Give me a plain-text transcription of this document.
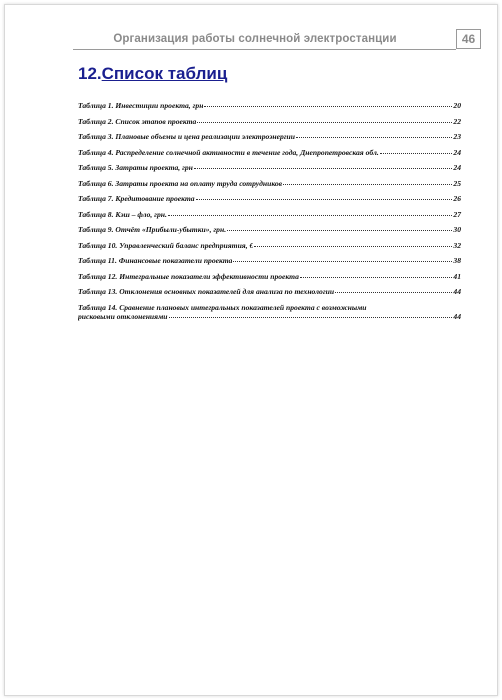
Организация работы солнечной электростанции	46
12.Список таблиц
Таблица 1. Инвестиции проекта, грн	20
Таблица 2. Список этапов проекта	22
Таблица 3. Плановые объемы и цена реализации электроэнергии	23
Таблица 4. Распределение солнечной активности в течение года, Днепропетровская обл.	24
Таблица 5. Затраты проекта, грн	24
Таблица 6. Затраты проекта на оплату труда сотрудников	25
Таблица 7. Кредитование проекта	26
Таблица 8. Кэш – фло, грн.	27
Таблица 9. Отчёт «Прибыли-убытки», грн.	30
Таблица 10. Управленческий баланс предприятия, €	32
Таблица 11. Финансовые показатели проекта	38
Таблица 12. Интегральные показатели эффективности проекта	41
Таблица 13. Отклонения основных показателей для анализа по технологии	44
Таблица 14. Сравнение плановых интегральных показателей проекта с возможными
рисковыми отклонениями	44
